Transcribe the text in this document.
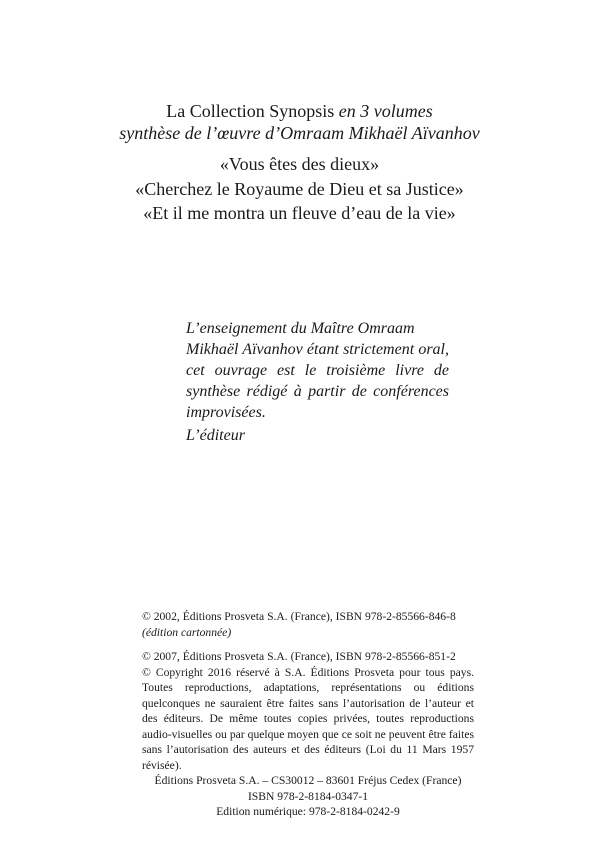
La Collection Synopsis en 3 volumes
synthèse de l’œuvre d’Omraam Mikhaël Aïvanhov
«Vous êtes des dieux»
«Cherchez le Royaume de Dieu et sa Justice»
«Et il me montra un fleuve d’eau de la vie»
L’enseignement du Maître Omraam
Mikhaël Aïvanhov étant strictement oral, cet ouvrage est le troisième livre de synthèse rédigé à partir de conférences improvisées.
L’éditeur
© 2002, Éditions Prosveta S.A. (France), ISBN 978-2-85566-846-8 (édition cartonnée)
© 2007, Éditions Prosveta S.A. (France), ISBN 978-2-85566-851-2
© Copyright 2016 réservé à S.A. Éditions Prosveta pour tous pays. Toutes reproductions, adaptations, représentations ou éditions quelconques ne sauraient être faites sans l’autorisation de l’auteur et des éditeurs. De même toutes copies privées, toutes reproductions audio-visuelles ou par quelque moyen que ce soit ne peuvent être faites sans l’autorisation des auteurs et des éditeurs (Loi du 11 Mars 1957 révisée).
Éditions Prosveta S.A. – CS30012 – 83601 Fréjus Cedex (France)
ISBN 978-2-8184-0347-1
Edition numérique: 978-2-8184-0242-9
